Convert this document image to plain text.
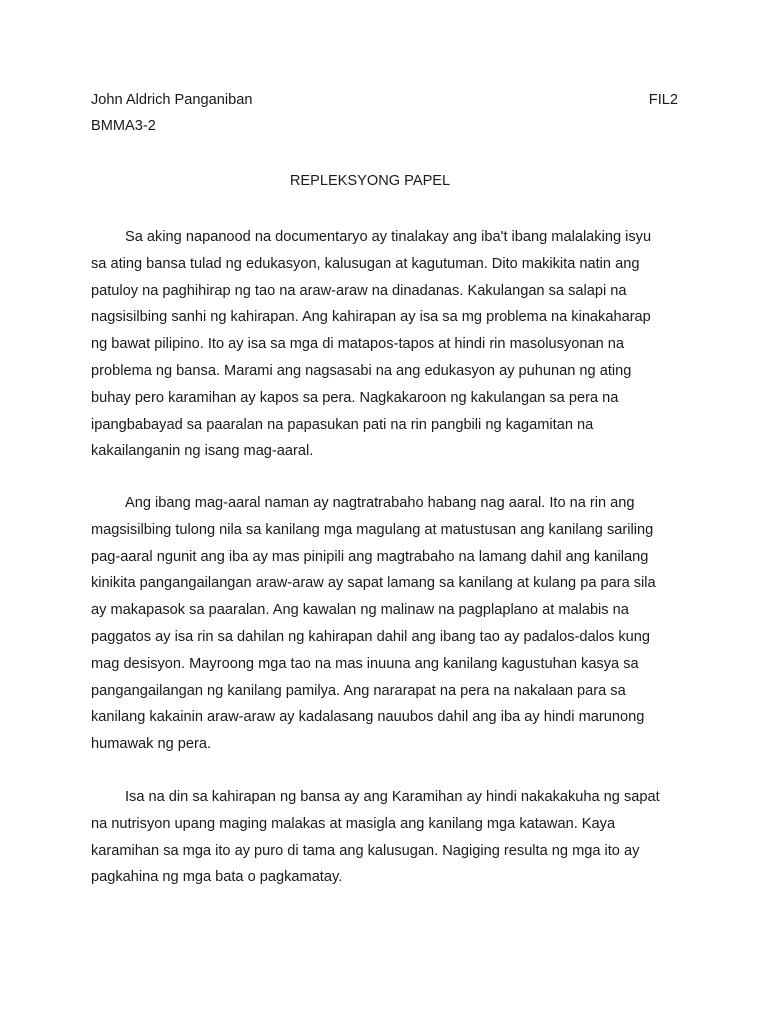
John Aldrich Panganiban	FIL2
BMMA3-2
REPLEKSYONG PAPEL
Sa aking napanood na documentaryo ay tinalakay ang iba't ibang malalaking isyu
sa ating bansa tulad ng edukasyon, kalusugan at kagutuman. Dito makikita natin ang
patuloy na paghihirap ng tao na araw-araw na dinadanas. Kakulangan sa salapi na
nagsisilbing sanhi ng kahirapan. Ang kahirapan ay isa sa mg problema na kinakaharap
ng bawat pilipino. Ito ay isa sa mga di matapos-tapos at hindi rin masolusyonan na
problema ng bansa. Marami ang nagsasabi na ang edukasyon ay puhunan ng ating
buhay pero karamihan ay kapos sa pera. Nagkakaroon ng kakulangan sa pera na
ipangbabayad sa paaralan na papasukan pati na rin pangbili ng kagamitan na
kakailanganin ng isang mag-aaral.
Ang ibang mag-aaral naman ay nagtratrabaho habang nag aaral. Ito na rin ang
magsisilbing tulong nila sa kanilang mga magulang at matustusan ang kanilang sariling
pag-aaral ngunit ang iba ay mas pinipili ang magtrabaho na lamang dahil ang kanilang
kinikita pangangailangan araw-araw ay sapat lamang sa kanilang at kulang pa para sila
ay makapasok sa paaralan. Ang kawalan ng malinaw na pagplaplano at malabis na
paggatos ay isa rin sa dahilan ng kahirapan dahil ang ibang tao ay padalos-dalos kung
mag desisyon. Mayroong mga tao na mas inuuna ang kanilang kagustuhan kasya sa
pangangailangan ng kanilang pamilya. Ang nararapat na pera na nakalaan para sa
kanilang kakainin araw-araw ay kadalasang nauubos dahil ang iba ay hindi marunong
humawak ng pera.
Isa na din sa kahirapan ng bansa ay ang Karamihan ay hindi nakakakuha ng sapat
na nutrisyon upang maging malakas at masigla ang kanilang mga katawan. Kaya
karamihan sa mga ito ay puro di tama ang kalusugan. Nagiging resulta ng mga ito ay
pagkahina ng mga bata o pagkamatay.
